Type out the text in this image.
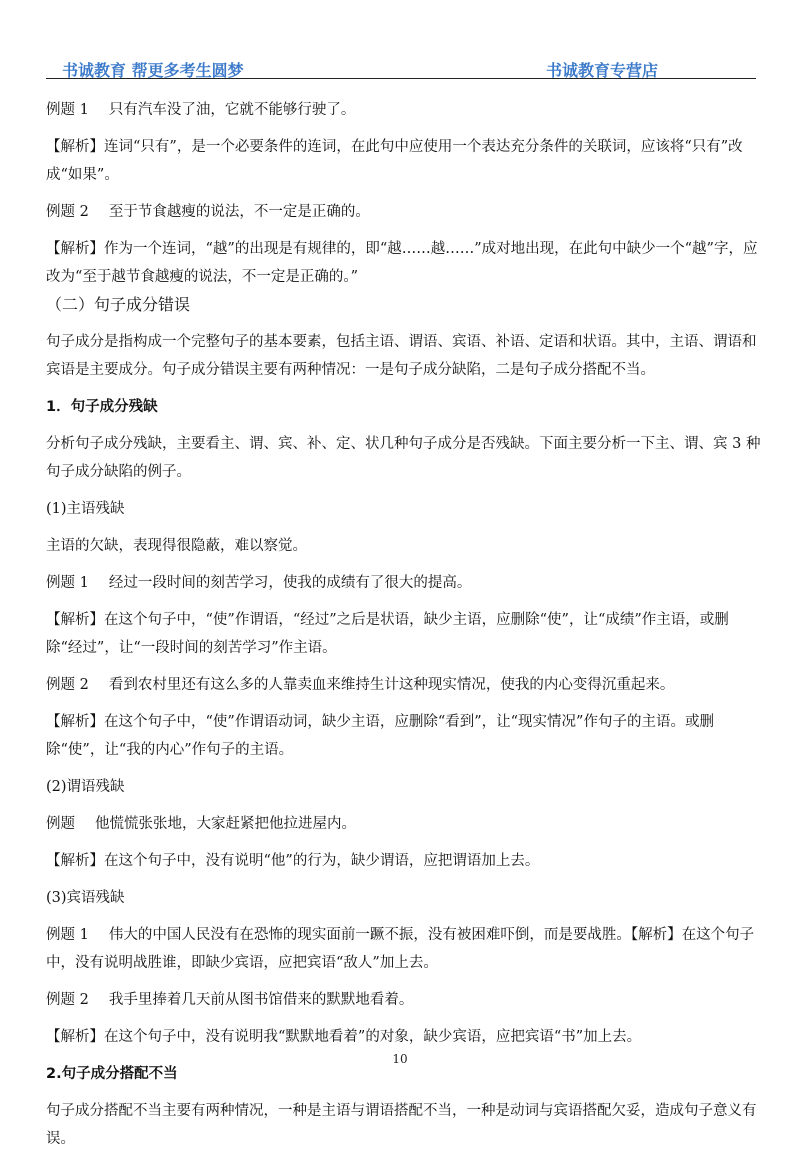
书诚教育 帮更多考生圆梦	书诚教育专营店

例题 1 只有汽车没了油，它就不能够行驶了。

【解析】连词“只有”，是一个必要条件的连词，在此句中应使用一个表达充分条件的关联词，应该将“只有”改成“如果”。

例题 2 至于节食越瘦的说法，不一定是正确的。

【解析】作为一个连词，“越”的出现是有规律的，即“越……越……”成对地出现，在此句中缺少一个“越”字，应改为“至于越节食越瘦的说法，不一定是正确的。”

（二）句子成分错误

句子成分是指构成一个完整句子的基本要素，包括主语、谓语、宾语、补语、定语和状语。其中，主语、谓语和宾语是主要成分。句子成分错误主要有两种情况：一是句子成分缺陷，二是句子成分搭配不当。

1．句子成分残缺

分析句子成分残缺，主要看主、谓、宾、补、定、状几种句子成分是否残缺。下面主要分析一下主、谓、宾 3 种句子成分缺陷的例子。

(1)主语残缺

主语的欠缺，表现得很隐蔽，难以察觉。

例题 1 经过一段时间的刻苦学习，使我的成绩有了很大的提高。

【解析】在这个句子中，“使”作谓语，“经过”之后是状语，缺少主语，应删除“使”，让“成绩”作主语，或删除“经过”，让“一段时间的刻苦学习”作主语。

例题 2 看到农村里还有这么多的人靠卖血来维持生计这种现实情况，使我的内心变得沉重起来。

【解析】在这个句子中，“使”作谓语动词，缺少主语，应删除“看到”，让“现实情况”作句子的主语。或删除“使”，让“我的内心”作句子的主语。

(2)谓语残缺

例题 他慌慌张张地，大家赶紧把他拉进屋内。

【解析】在这个句子中，没有说明“他”的行为，缺少谓语，应把谓语加上去。

(3)宾语残缺

例题 1 伟大的中国人民没有在恐怖的现实面前一蹶不振，没有被困难吓倒，而是要战胜。【解析】在这个句子中，没有说明战胜谁，即缺少宾语，应把宾语“敌人”加上去。

例题 2 我手里捧着几天前从图书馆借来的默默地看着。

【解析】在这个句子中，没有说明我“默默地看着”的对象，缺少宾语，应把宾语“书”加上去。

2.句子成分搭配不当

句子成分搭配不当主要有两种情况，一种是主语与谓语搭配不当，一种是动词与宾语搭配欠妥，造成句子意义有误。

10
